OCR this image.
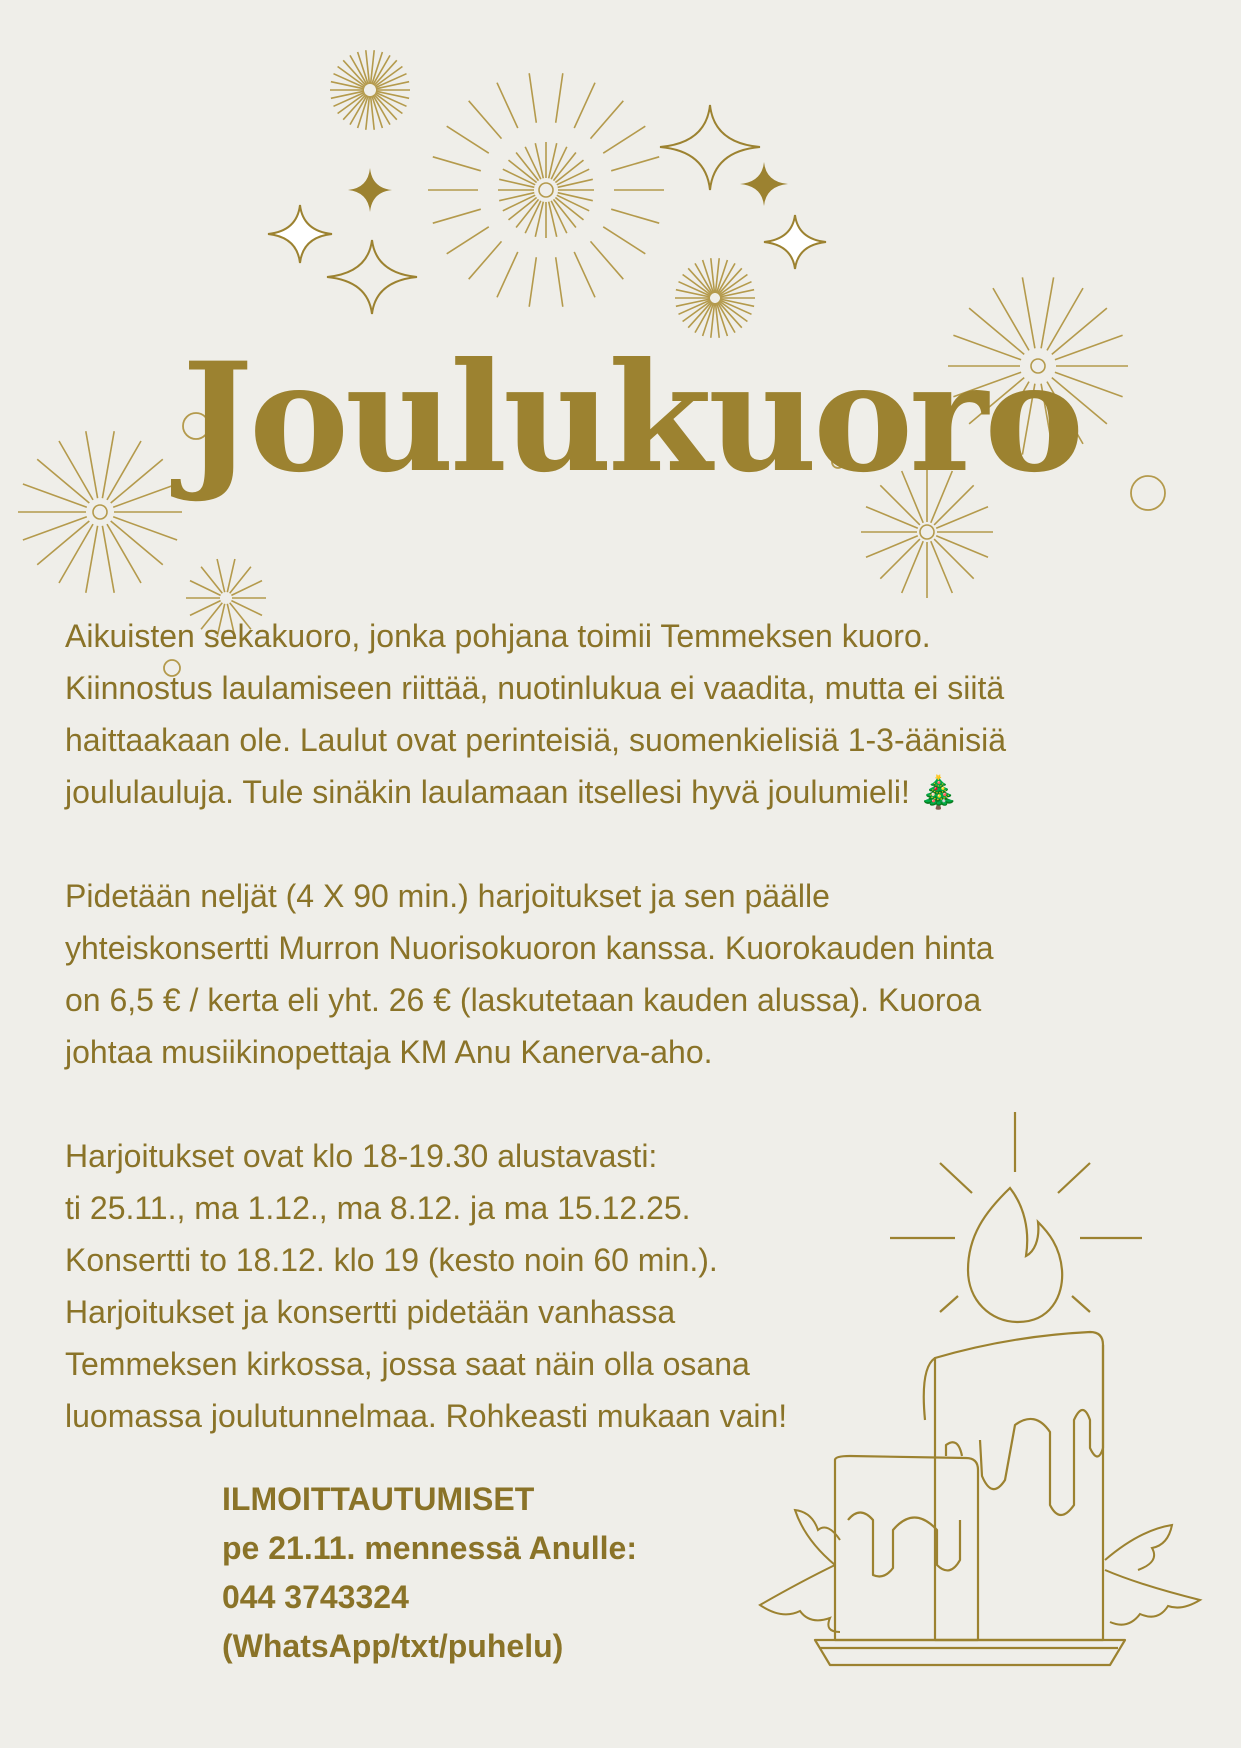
Joulukuoro

Aikuisten sekakuoro, jonka pohjana toimii Temmeksen kuoro.
Kiinnostus laulamiseen riittää, nuotinlukua ei vaadita, mutta ei siitä
haittaakaan ole. Laulut ovat perinteisiä, suomenkielisiä 1-3-äänisiä
joululauluja. Tule sinäkin laulamaan itsellesi hyvä joulumieli! 🎄

Pidetään neljät (4 X 90 min.) harjoitukset ja sen päälle
yhteiskonsertti Murron Nuorisokuoron kanssa. Kuorokauden hinta
on 6,5 € / kerta eli yht. 26 € (laskutetaan kauden alussa). Kuoroa
johtaa musiikinopettaja KM Anu Kanerva-aho.

Harjoitukset ovat klo 18-19.30 alustavasti:
ti 25.11., ma 1.12., ma 8.12. ja ma 15.12.25.
Konsertti to 18.12. klo 19 (kesto noin 60 min.).
Harjoitukset ja konsertti pidetään vanhassa
Temmeksen kirkossa, jossa saat näin olla osana
luomassa joulutunnelmaa. Rohkeasti mukaan vain!

ILMOITTAUTUMISET
pe 21.11. mennessä Anulle:
044 3743324
(WhatsApp/txt/puhelu)
